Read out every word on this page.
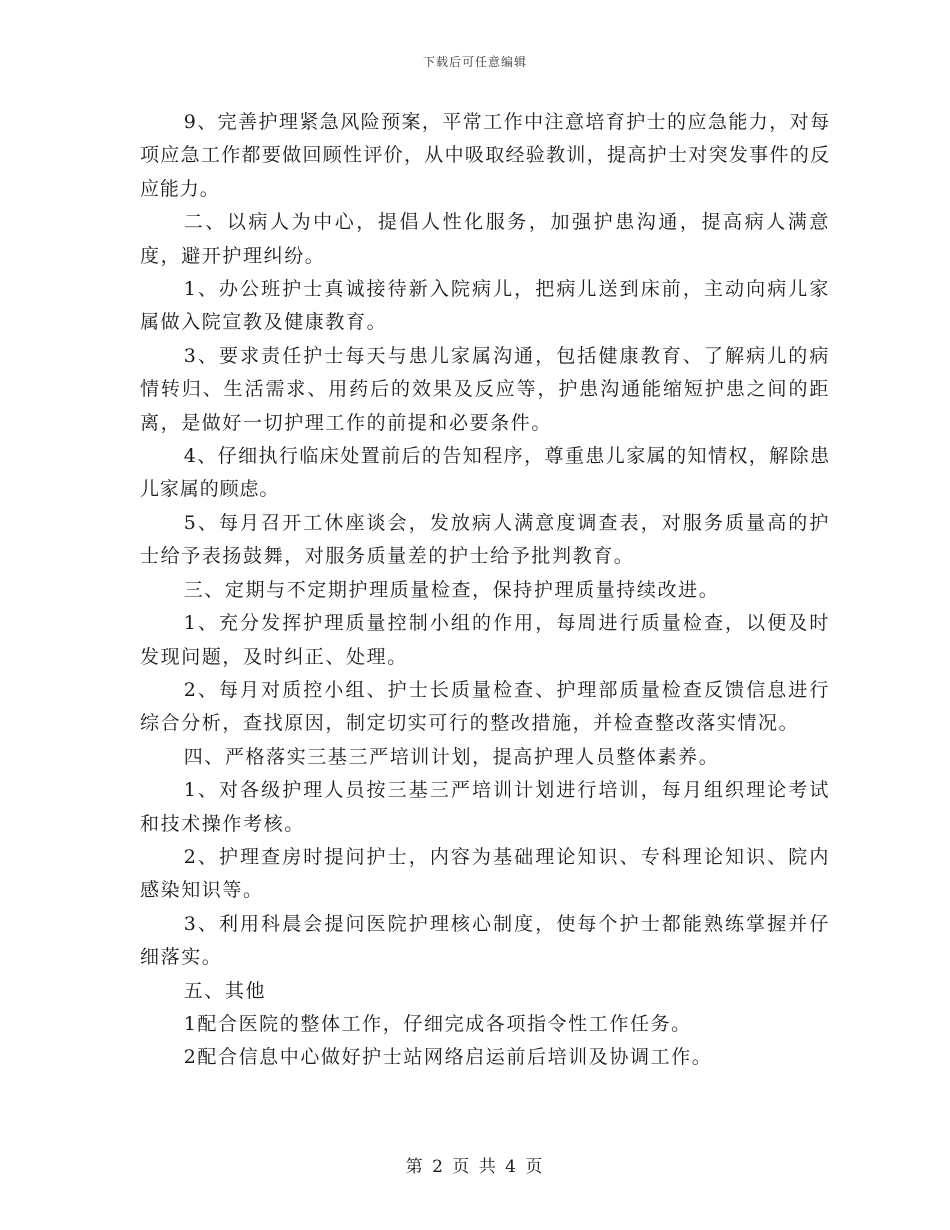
下载后可任意编辑

9、完善护理紧急风险预案，平常工作中注意培育护士的应急能力，对每项应急工作都要做回顾性评价，从中吸取经验教训，提高护士对突发事件的反应能力。

二、以病人为中心，提倡人性化服务，加强护患沟通，提高病人满意度，避开护理纠纷。

1、办公班护士真诚接待新入院病儿，把病儿送到床前，主动向病儿家属做入院宣教及健康教育。

3、要求责任护士每天与患儿家属沟通，包括健康教育、了解病儿的病情转归、生活需求、用药后的效果及反应等，护患沟通能缩短护患之间的距离，是做好一切护理工作的前提和必要条件。

4、仔细执行临床处置前后的告知程序，尊重患儿家属的知情权，解除患儿家属的顾虑。

5、每月召开工休座谈会，发放病人满意度调查表，对服务质量高的护士给予表扬鼓舞，对服务质量差的护士给予批判教育。

三、定期与不定期护理质量检查，保持护理质量持续改进。

1、充分发挥护理质量控制小组的作用，每周进行质量检查，以便及时发现问题，及时纠正、处理。

2、每月对质控小组、护士长质量检查、护理部质量检查反馈信息进行综合分析，查找原因，制定切实可行的整改措施，并检查整改落实情况。

四、严格落实三基三严培训计划，提高护理人员整体素养。

1、对各级护理人员按三基三严培训计划进行培训，每月组织理论考试和技术操作考核。

2、护理查房时提问护士，内容为基础理论知识、专科理论知识、院内感染知识等。

3、利用科晨会提问医院护理核心制度，使每个护士都能熟练掌握并仔细落实。

五、其他

1配合医院的整体工作，仔细完成各项指令性工作任务。

2配合信息中心做好护士站网络启运前后培训及协调工作。

第 2 页 共 4 页
